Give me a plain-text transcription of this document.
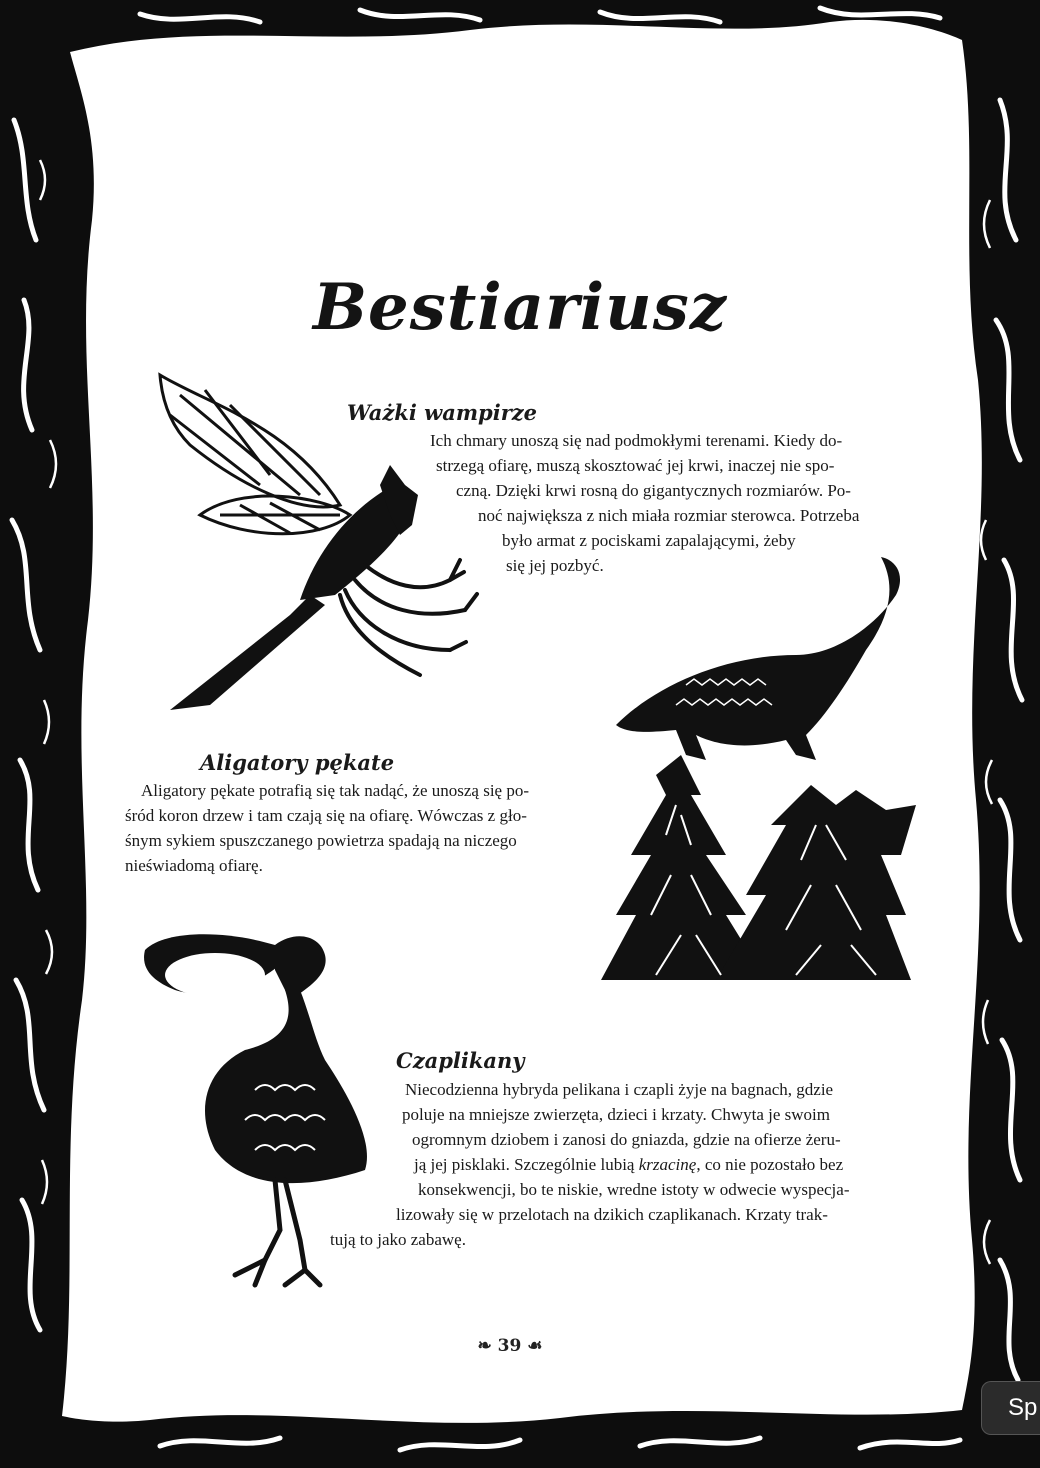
Bestiariusz
Ważki wampirze
Ich chmary unoszą się nad podmokłymi terenami. Kiedy do-
strzegą ofiarę, muszą skosztować jej krwi, inaczej nie spo-
czną. Dzięki krwi rosną do gigantycznych rozmiarów. Po-
noć największa z nich miała rozmiar sterowca. Potrzeba
było armat z pociskami zapalającymi, żeby
się jej pozbyć.
Aligatory pękate
Aligatory pękate potrafią się tak nadąć, że unoszą się po-
śród koron drzew i tam czają się na ofiarę. Wówczas z gło-
śnym sykiem spuszczanego powietrza spadają na niczego
nieświadomą ofiarę.
Czaplikany
Niecodzienna hybryda pelikana i czapli żyje na bagnach, gdzie
poluje na mniejsze zwierzęta, dzieci i krzaty. Chwyta je swoim
ogromnym dziobem i zanosi do gniazda, gdzie na ofierze żeru-
ją jej pisklaki. Szczególnie lubią krzacinę, co nie pozostało bez
konsekwencji, bo te niskie, wredne istoty w odwecie wyspecja-
lizowały się w przelotach na dzikich czaplikanach. Krzaty trak-
tują to jako zabawę.
❧ 39 ☙
Sp
